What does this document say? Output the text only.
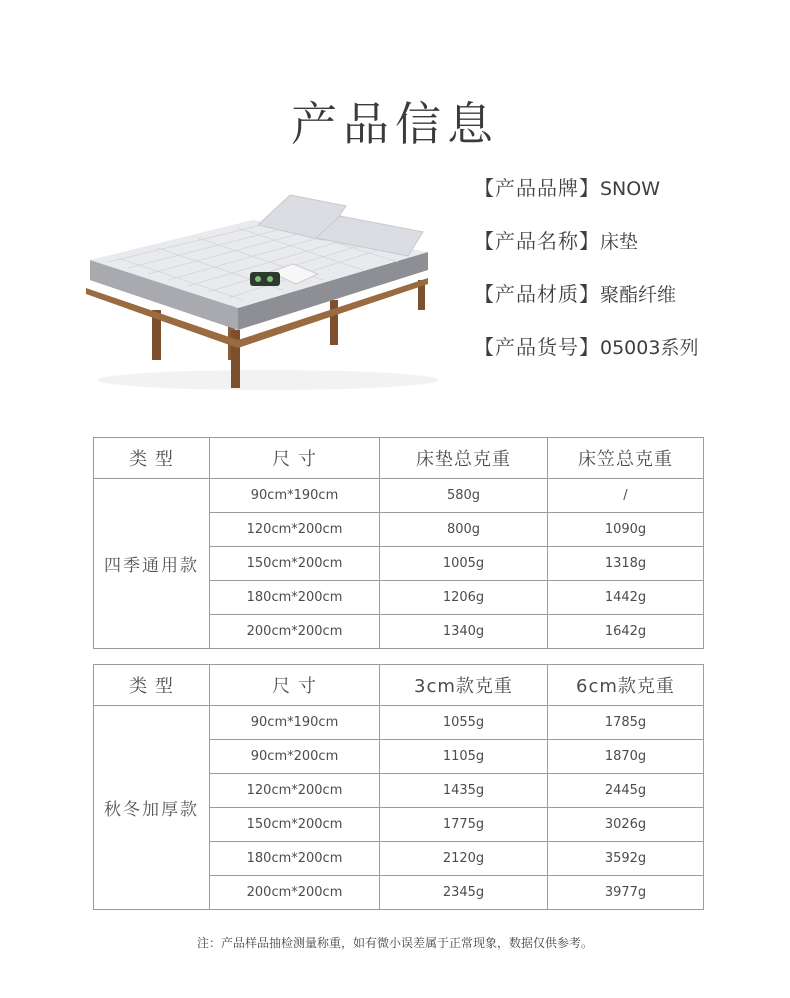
产品信息
【产品品牌】SNOW
【产品名称】床垫
【产品材质】聚酯纤维
【产品货号】05003系列
类 型	尺 寸	床垫总克重	床笠总克重
四季通用款	90cm*190cm	580g	/
	120cm*200cm	800g	1090g
	150cm*200cm	1005g	1318g
	180cm*200cm	1206g	1442g
	200cm*200cm	1340g	1642g
类 型	尺 寸	3cm款克重	6cm款克重
秋冬加厚款	90cm*190cm	1055g	1785g
	90cm*200cm	1105g	1870g
	120cm*200cm	1435g	2445g
	150cm*200cm	1775g	3026g
	180cm*200cm	2120g	3592g
	200cm*200cm	2345g	3977g
注：产品样品抽检测量称重，如有微小误差属于正常现象，数据仅供参考。
